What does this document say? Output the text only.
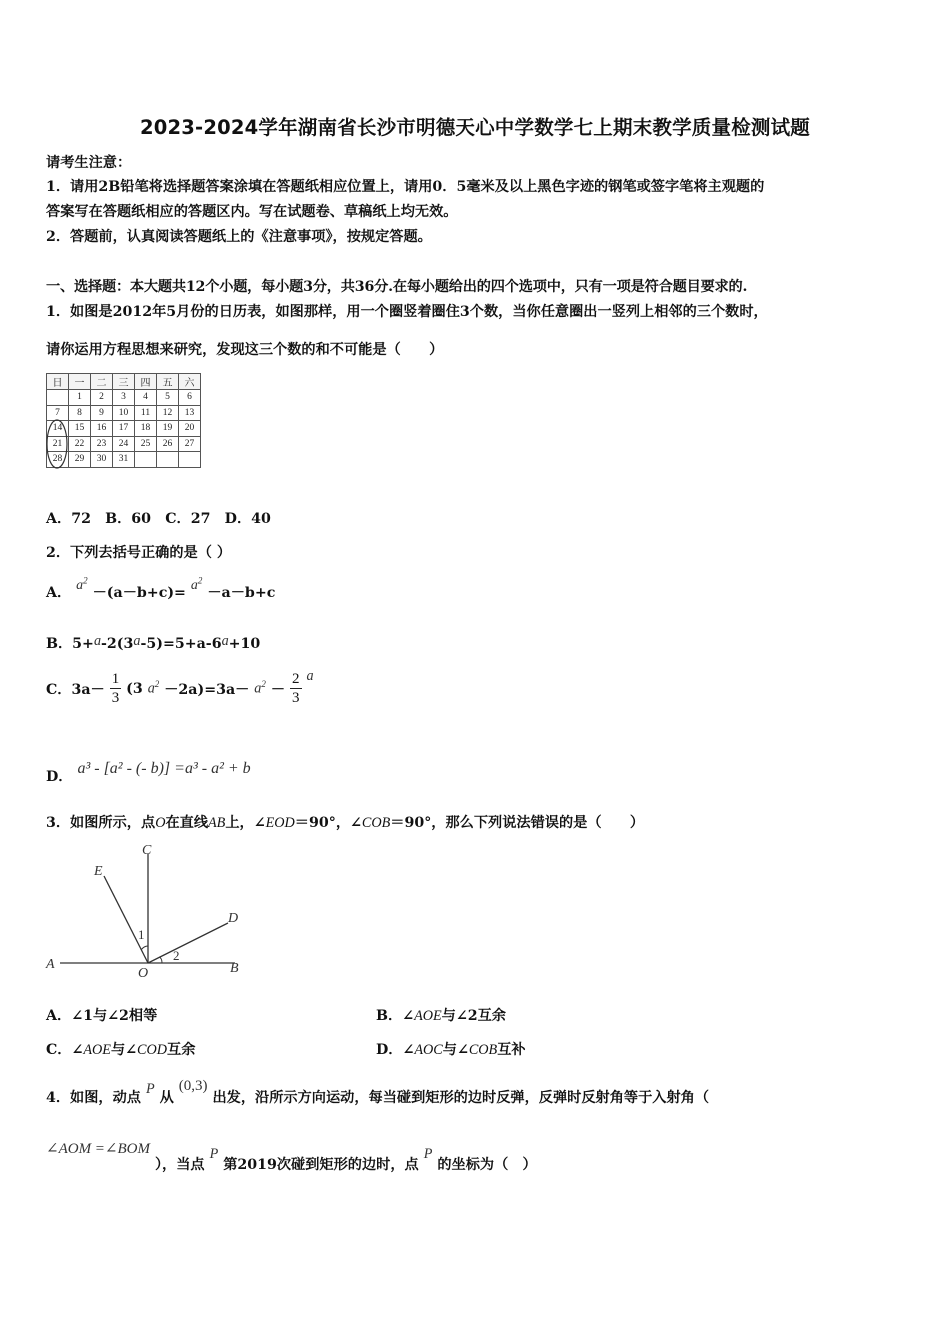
2023-2024学年湖南省长沙市明德天心中学数学七上期末教学质量检测试题
请考生注意：
1．请用2B铅笔将选择题答案涂填在答题纸相应位置上，请用0．5毫米及以上黑色字迹的钢笔或签字笔将主观题的
答案写在答题纸相应的答题区内。写在试题卷、草稿纸上均无效。
2．答题前，认真阅读答题纸上的《注意事项》，按规定答题。
一、选择题：本大题共12个小题，每小题3分，共36分.在每小题给出的四个选项中，只有一项是符合题目要求的.
1．如图是2012年5月份的日历表，如图那样，用一个圈竖着圈住3个数，当你任意圈出一竖列上相邻的三个数时，
请你运用方程思想来研究，发现这三个数的和不可能是（　　）
日	一	二	三	四	五	六
	1	2	3	4	5	6
7	8	9	10	11	12	13
14	15	16	17	18	19	20
21	22	23	24	25	26	27
28	29	30	31			
A．72　B．60　C．27　D．40
2．下列去括号正确的是（ ）
A． $a^2 -(a-b+c)= a^2 -a-b+c$
B．5+a-2(3a-5)=5+a-6a+10
C．$3a- \frac{1}{3} (3$ $a^2 -2a)=3a- a^2 - \frac{2}{3}$ a
D． a³ - [a² - (- b)] =a³ - a² + b
3．如图所示，点O在直线AB上，∠EOD＝90°，∠COB＝90°，那么下列说法错误的是（　　）
C
E
D
A
O	B
1
2
A．∠1与∠2相等	B．∠AOE与∠2互余
C．∠AOE与∠COD互余	D．∠AOC与∠COB互补
4．如图，动点 P 从 (0,3) 出发，沿所示方向运动，每当碰到矩形的边时反弹，反弹时反射角等于入射角（
∠AOM =∠BOM ），当点 P 第2019次碰到矩形的边时，点 P 的坐标为（　）
